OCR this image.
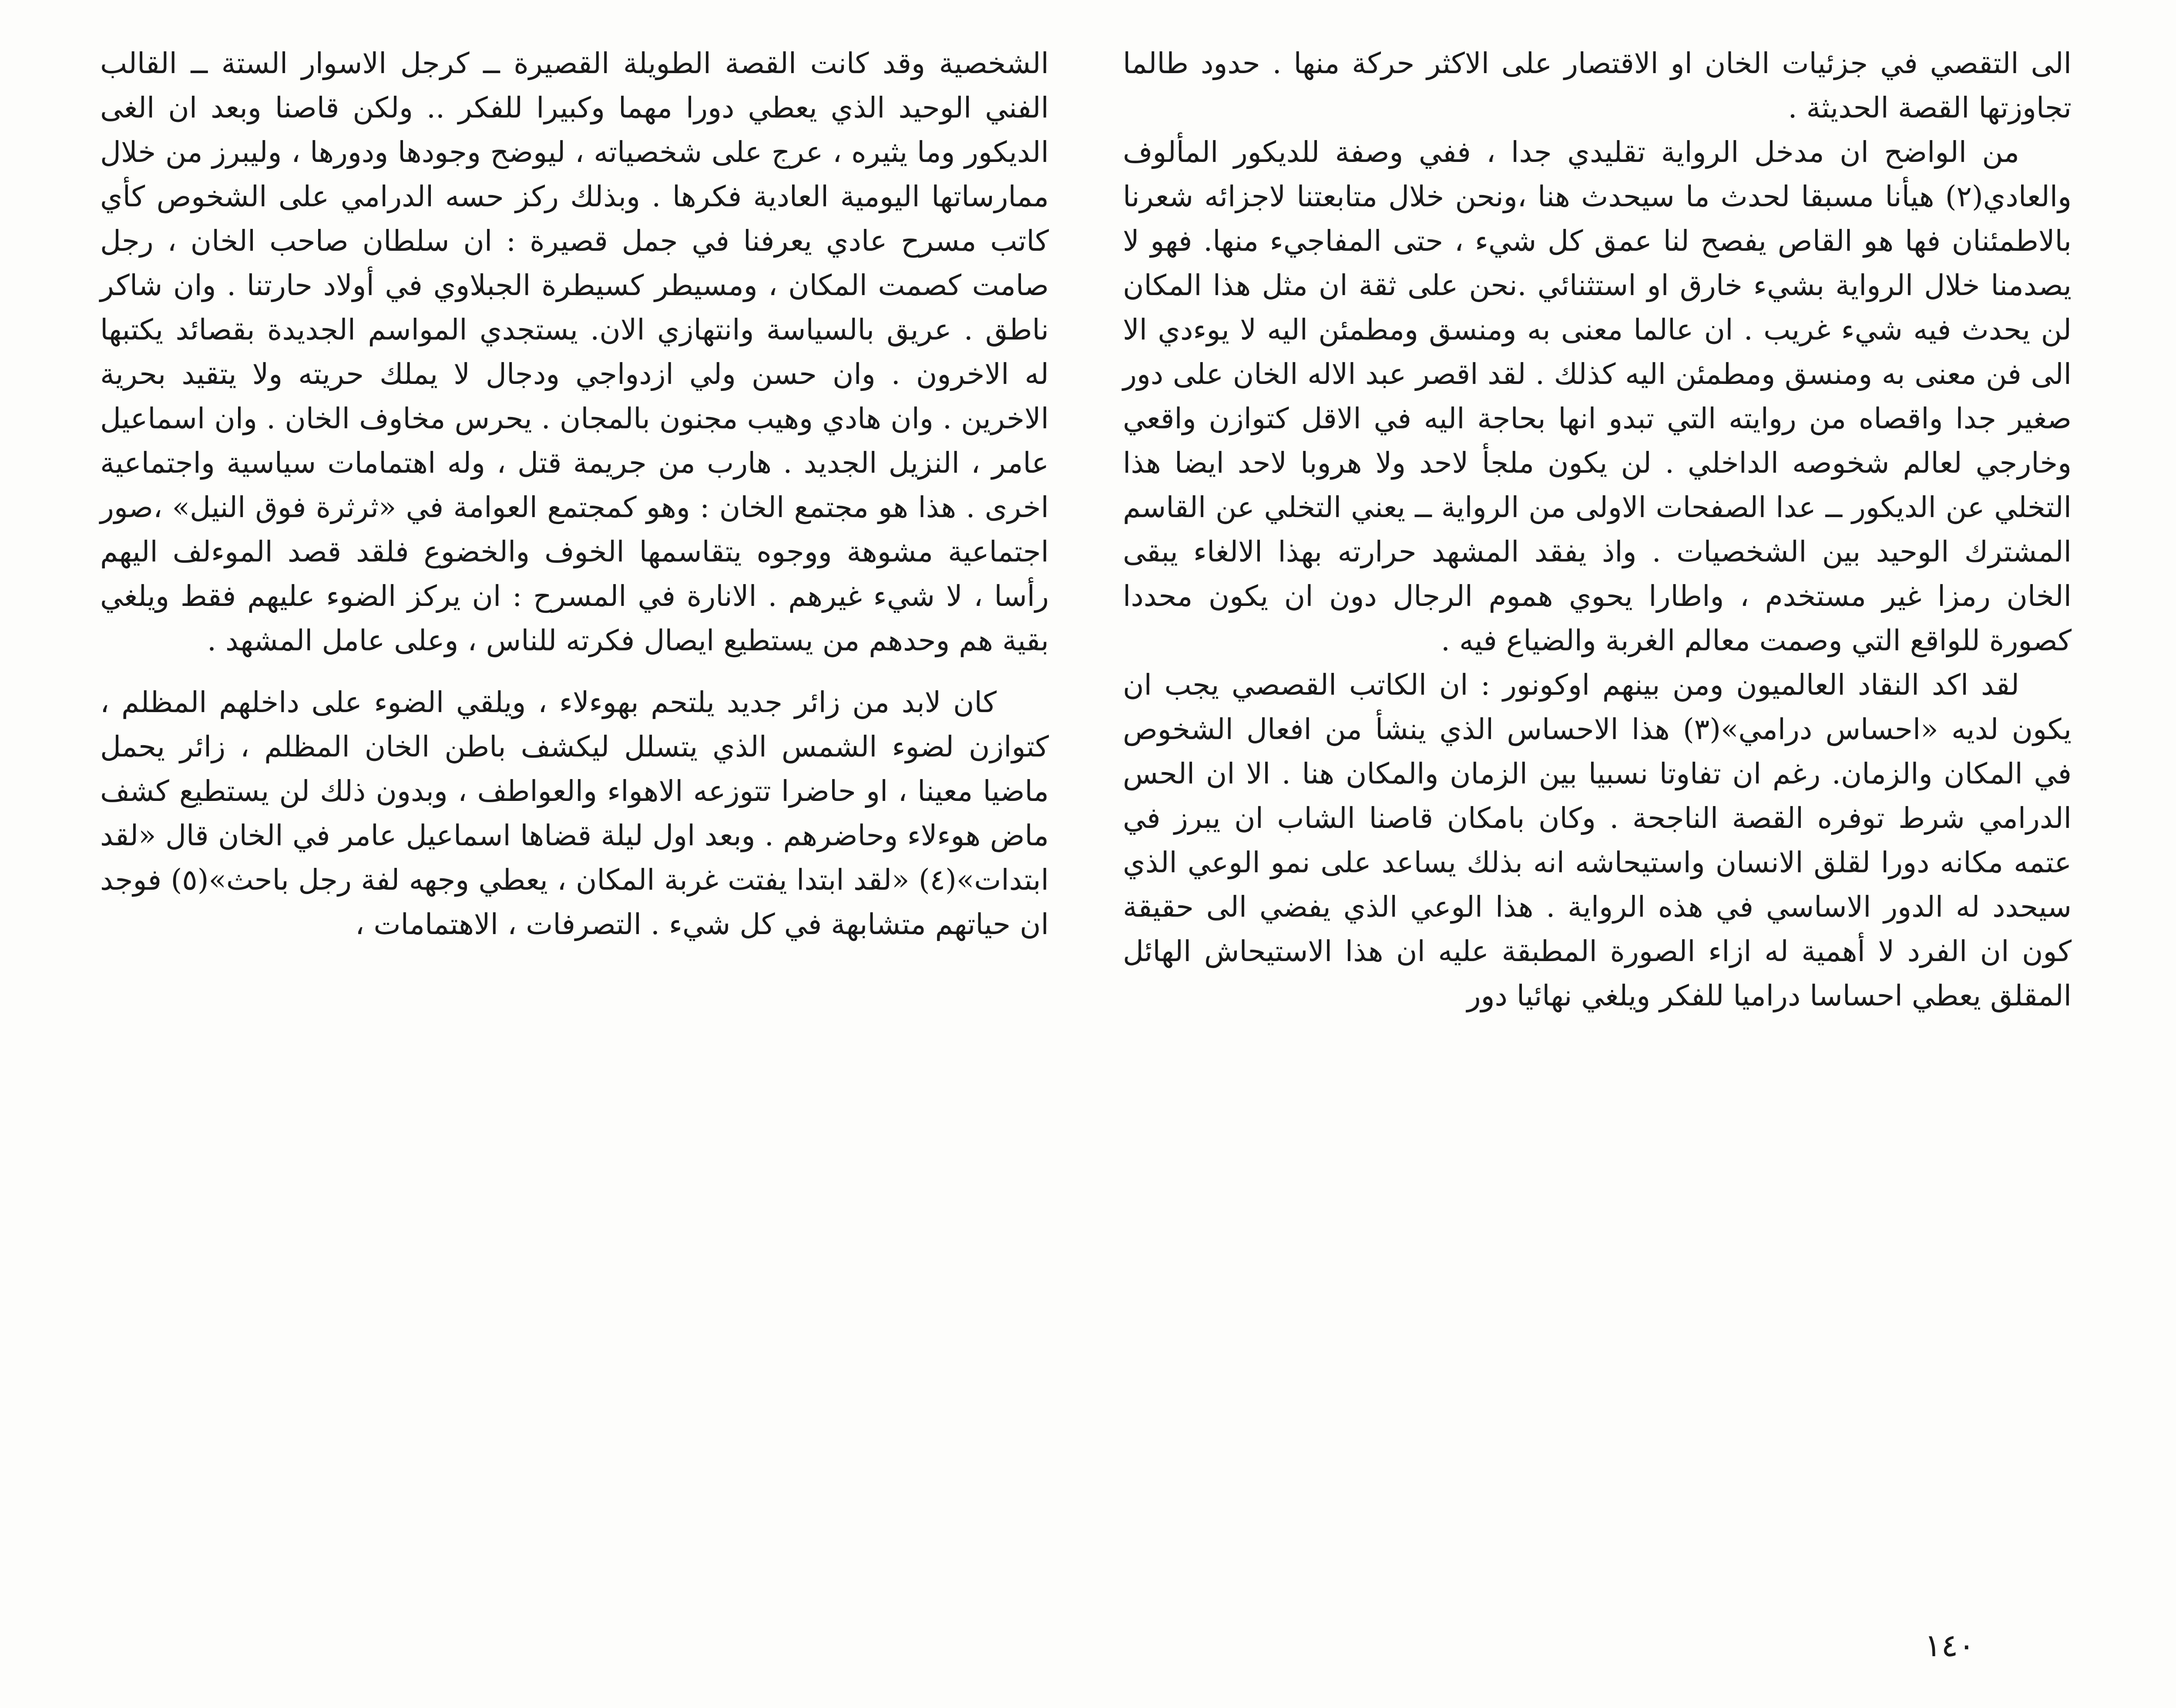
الى التقصي في جزئيات الخان او الاقتصار على الاكثر حركة منها . حدود طالما تجاوزتها القصة الحديثة .

من الواضح ان مدخل الرواية تقليدي جدا ، ففي وصفة للديكور المألوف والعادي(٢) هيأنا مسبقا لحدث ما سيحدث هنا ،ونحن خلال متابعتنا لاجزائه شعرنا بالاطمئنان فها هو القاص يفصح لنا عمق كل شيء ، حتى المفاجيء منها. فهو لا يصدمنا خلال الرواية بشيء خارق او استثنائي .نحن على ثقة ان مثل هذا المكان لن يحدث فيه شيء غريب . ان عالما معنى به ومنسق ومطمئن اليه لا يوءدي الا الى فن معنى به ومنسق ومطمئن اليه كذلك . لقد اقصر عبد الاله الخان على دور صغير جدا واقصاه من روايته التي تبدو انها بحاجة اليه في الاقل كتوازن واقعي وخارجي لعالم شخوصه الداخلي . لن يكون ملجأ لاحد ولا هروبا لاحد ايضا هذا التخلي عن الديكور ــ عدا الصفحات الاولى من الرواية ــ يعني التخلي عن القاسم المشترك الوحيد بين الشخصيات . واذ يفقد المشهد حرارته بهذا الالغاء يبقى الخان رمزا غير مستخدم ، واطارا يحوي هموم الرجال دون ان يكون محددا كصورة للواقع التي وصمت معالم الغربة والضياع فيه .

لقد اكد النقاد العالميون ومن بينهم اوكونور : ان الكاتب القصصي يجب ان يكون لديه «احساس درامي»(٣) هذا الاحساس الذي ينشأ من افعال الشخوص في المكان والزمان. رغم ان تفاوتا نسبيا بين الزمان والمكان هنا . الا ان الحس الدرامي شرط توفره القصة الناجحة . وكان بامكان قاصنا الشاب ان يبرز في عتمه مكانه دورا لقلق الانسان واستيحاشه انه بذلك يساعد على نمو الوعي الذي سيحدد له الدور الاساسي في هذه الرواية . هذا الوعي الذي يفضي الى حقيقة كون ان الفرد لا أهمية له ازاء الصورة المطبقة عليه ان هذا الاستيحاش الهائل المقلق يعطي احساسا دراميا للفكر ويلغي نهائيا دور

الشخصية وقد كانت القصة الطويلة القصيرة ــ كرجل الاسوار الستة ــ القالب الفني الوحيد الذي يعطي دورا مهما وكبيرا للفكر .. ولكن قاصنا وبعد ان الغى الديكور وما يثيره ، عرج على شخصياته ، ليوضح وجودها ودورها ، وليبرز من خلال ممارساتها اليومية العادية فكرها . وبذلك ركز حسه الدرامي على الشخوص كأي كاتب مسرح عادي يعرفنا في جمل قصيرة : ان سلطان صاحب الخان ، رجل صامت كصمت المكان ، ومسيطر كسيطرة الجبلاوي في أولاد حارتنا . وان شاكر ناطق . عريق بالسياسة وانتهازي الان. يستجدي المواسم الجديدة بقصائد يكتبها له الاخرون . وان حسن ولي ازدواجي ودجال لا يملك حريته ولا يتقيد بحرية الاخرين . وان هادي وهيب مجنون بالمجان . يحرس مخاوف الخان . وان اسماعيل عامر ، النزيل الجديد . هارب من جريمة قتل ، وله اهتمامات سياسية واجتماعية اخرى . هذا هو مجتمع الخان : وهو كمجتمع العوامة في «ثرثرة فوق النيل» ،صور اجتماعية مشوهة ووجوه يتقاسمها الخوف والخضوع فلقد قصد الموءلف اليهم رأسا ، لا شيء غيرهم . الانارة في المسرح : ان يركز الضوء عليهم فقط ويلغي بقية هم وحدهم من يستطيع ايصال فكرته للناس ، وعلى عامل المشهد .

كان لابد من زائر جديد يلتحم بهوءلاء ، ويلقي الضوء على داخلهم المظلم ، كتوازن لضوء الشمس الذي يتسلل ليكشف باطن الخان المظلم ، زائر يحمل ماضيا معينا ، او حاضرا تتوزعه الاهواء والعواطف ، وبدون ذلك لن يستطيع كشف ماض هوءلاء وحاضرهم . وبعد اول ليلة قضاها اسماعيل عامر في الخان قال «لقد ابتدات»(٤) «لقد ابتدا يفتت غربة المكان ، يعطي وجهه لفة رجل باحث»(٥) فوجد ان حياتهم متشابهة في كل شيء . التصرفات ، الاهتمامات ،

١٤٠
